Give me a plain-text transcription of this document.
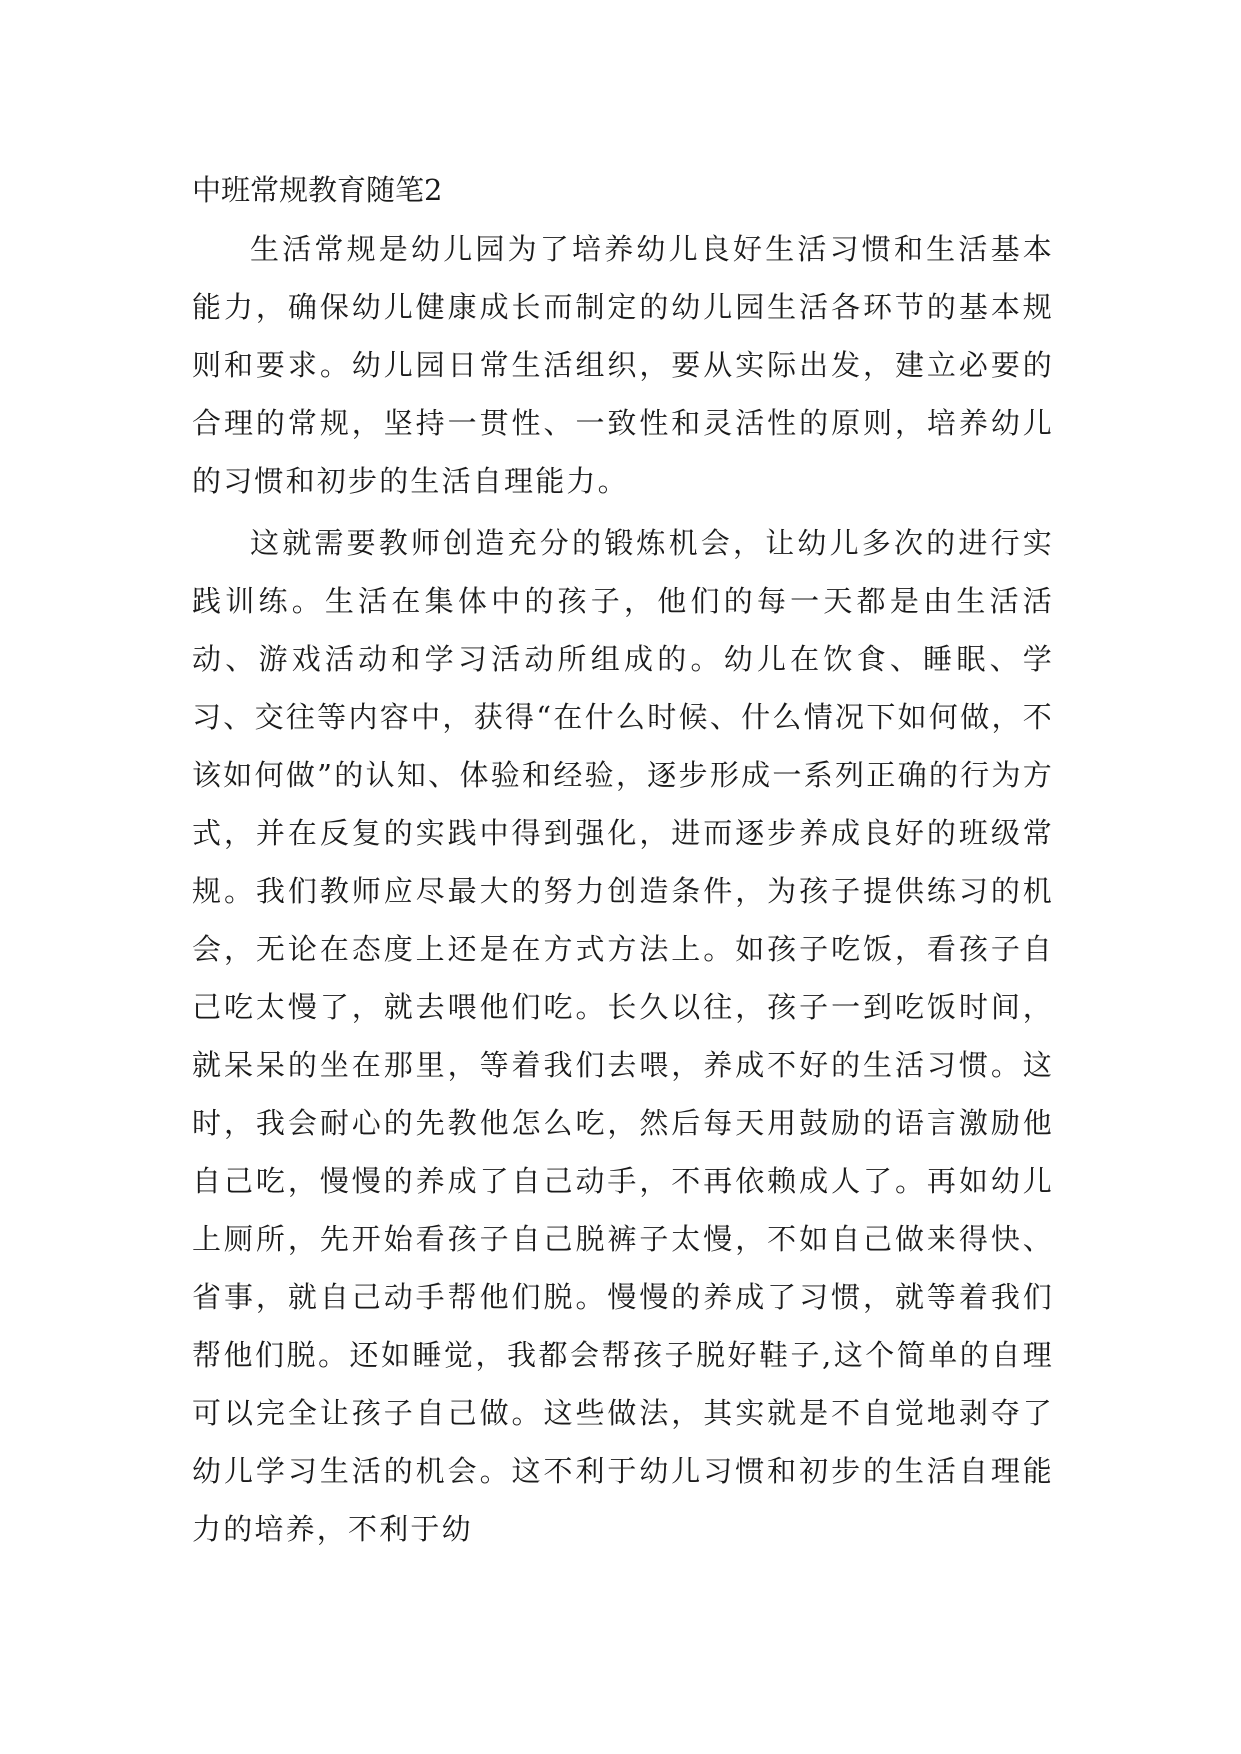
中班常规教育随笔2

生活常规是幼儿园为了培养幼儿良好生活习惯和生活基本能力，确保幼儿健康成长而制定的幼儿园生活各环节的基本规则和要求。幼儿园日常生活组织，要从实际出发，建立必要的合理的常规，坚持一贯性、一致性和灵活性的原则，培养幼儿的习惯和初步的生活自理能力。

这就需要教师创造充分的锻炼机会，让幼儿多次的进行实践训练。生活在集体中的孩子，他们的每一天都是由生活活动、游戏活动和学习活动所组成的。幼儿在饮食、睡眠、学习、交往等内容中，获得“在什么时候、什么情况下如何做，不该如何做”的认知、体验和经验，逐步形成一系列正确的行为方式，并在反复的实践中得到强化，进而逐步养成良好的班级常规。我们教师应尽最大的努力创造条件，为孩子提供练习的机会，无论在态度上还是在方式方法上。如孩子吃饭，看孩子自己吃太慢了，就去喂他们吃。长久以往，孩子一到吃饭时间，就呆呆的坐在那里，等着我们去喂，养成不好的生活习惯。这时，我会耐心的先教他怎么吃，然后每天用鼓励的语言激励他自己吃，慢慢的养成了自己动手，不再依赖成人了。再如幼儿上厕所，先开始看孩子自己脱裤子太慢，不如自己做来得快、省事，就自己动手帮他们脱。慢慢的养成了习惯，就等着我们帮他们脱。还如睡觉，我都会帮孩子脱好鞋子,这个简单的自理可以完全让孩子自己做。这些做法，其实就是不自觉地剥夺了幼儿学习生活的机会。这不利于幼儿习惯和初步的生活自理能力的培养，不利于幼
